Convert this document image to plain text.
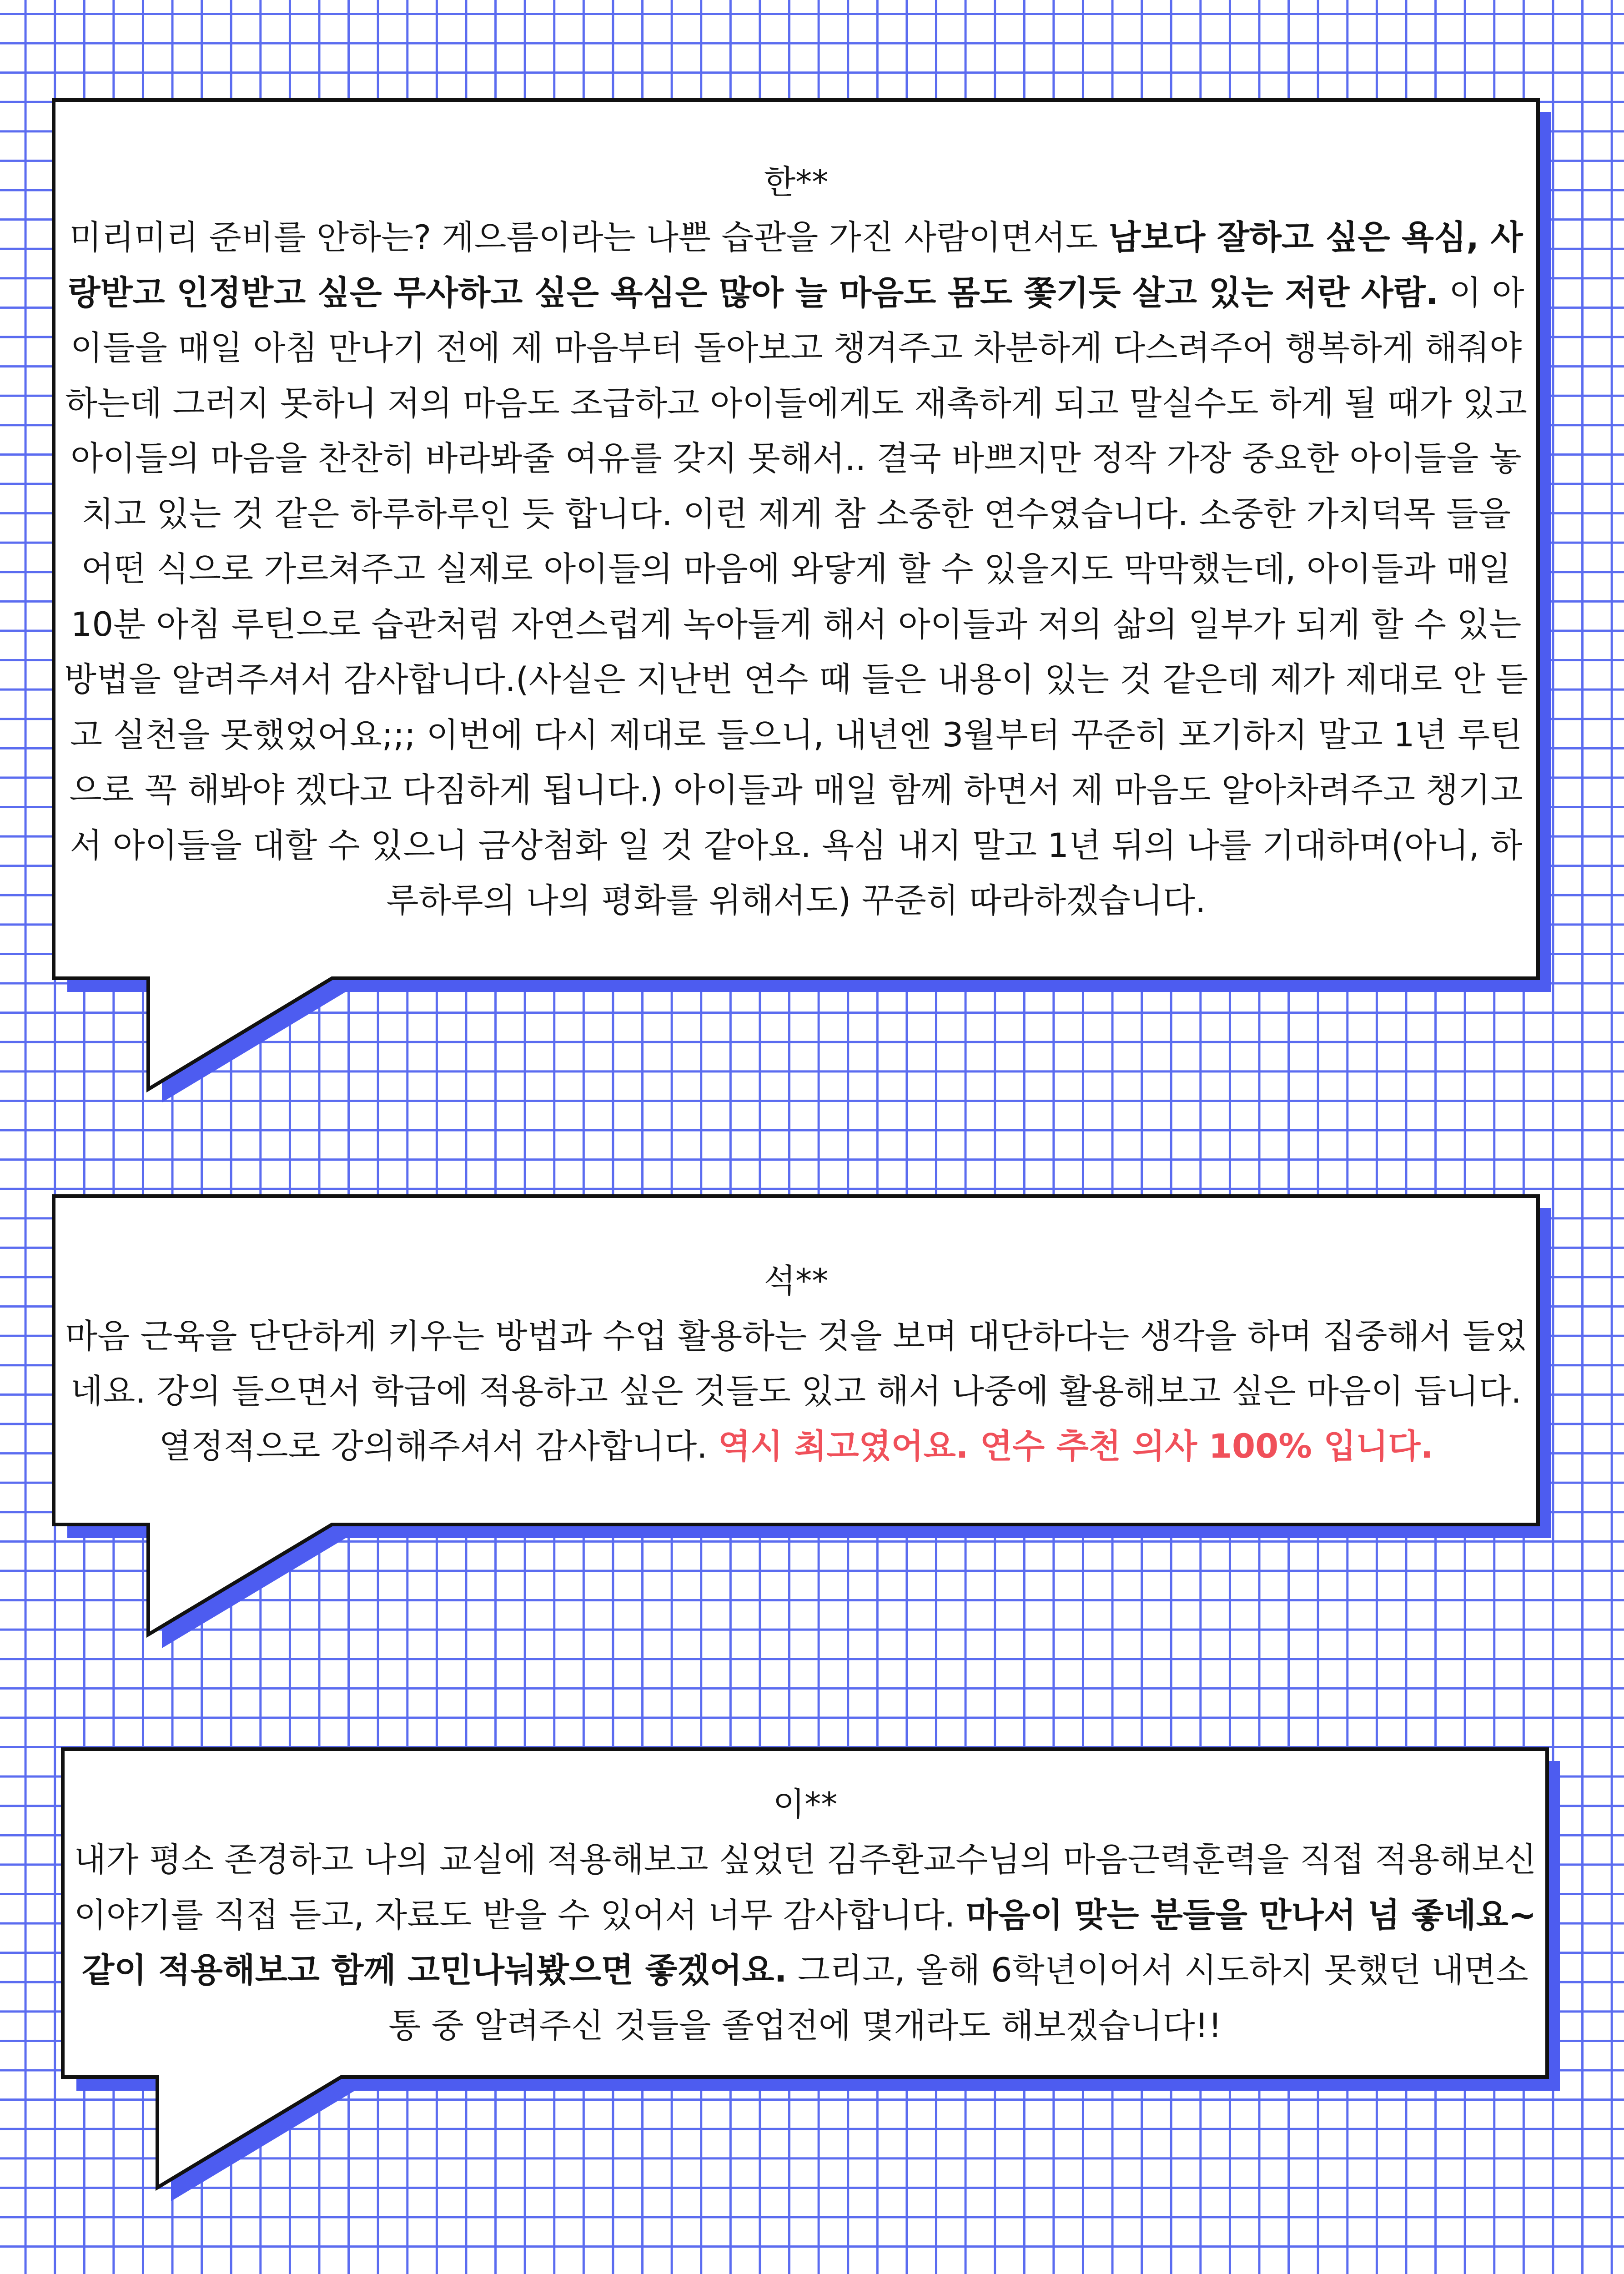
한**

미리미리 준비를 안하는? 게으름이라는 나쁜 습관을 가진 사람이면서도 남보다 잘하고 싶은 욕심, 사랑받고 인정받고 싶은 무사하고 싶은 욕심은 많아 늘 마음도 몸도 쫓기듯 살고 있는 저란 사람. 이 아이들을 매일 아침 만나기 전에 제 마음부터 돌아보고 챙겨주고 차분하게 다스려주어 행복하게 해줘야 하는데 그러지 못하니 저의 마음도 조급하고 아이들에게도 재촉하게 되고 말실수도 하게 될 때가 있고 아이들의 마음을 찬찬히 바라봐줄 여유를 갖지 못해서.. 결국 바쁘지만 정작 가장 중요한 아이들을 놓치고 있는 것 같은 하루하루인 듯 합니다. 이런 제게 참 소중한 연수였습니다. 소중한 가치덕목 들을 어떤 식으로 가르쳐주고 실제로 아이들의 마음에 와닿게 할 수 있을지도 막막했는데, 아이들과 매일 10분 아침 루틴으로 습관처럼 자연스럽게 녹아들게 해서 아이들과 저의 삶의 일부가 되게 할 수 있는 방법을 알려주셔서 감사합니다.(사실은 지난번 연수 때 들은 내용이 있는 것 같은데 제가 제대로 안 듣고 실천을 못했었어요;;; 이번에 다시 제대로 들으니, 내년엔 3월부터 꾸준히 포기하지 말고 1년 루틴으로 꼭 해봐야 겠다고 다짐하게 됩니다.) 아이들과 매일 함께 하면서 제 마음도 알아차려주고 챙기고서 아이들을 대할 수 있으니 금상첨화 일 것 같아요. 욕심 내지 말고 1년 뒤의 나를 기대하며(아니, 하루하루의 나의 평화를 위해서도) 꾸준히 따라하겠습니다.

석**

마음 근육을 단단하게 키우는 방법과 수업 활용하는 것을 보며 대단하다는 생각을 하며 집중해서 들었네요. 강의 들으면서 학급에 적용하고 싶은 것들도 있고 해서 나중에 활용해보고 싶은 마음이 듭니다. 열정적으로 강의해주셔서 감사합니다. 역시 최고였어요. 연수 추천 의사 100% 입니다.

이**

내가 평소 존경하고 나의 교실에 적용해보고 싶었던 김주환교수님의 마음근력훈력을 직접 적용해보신 이야기를 직접 듣고, 자료도 받을 수 있어서 너무 감사합니다. 마음이 맞는 분들을 만나서 넘 좋네요~ 같이 적용해보고 함께 고민나눠봤으면 좋겠어요. 그리고, 올해 6학년이어서 시도하지 못했던 내면소통 중 알려주신 것들을 졸업전에 몇개라도 해보겠습니다!!
